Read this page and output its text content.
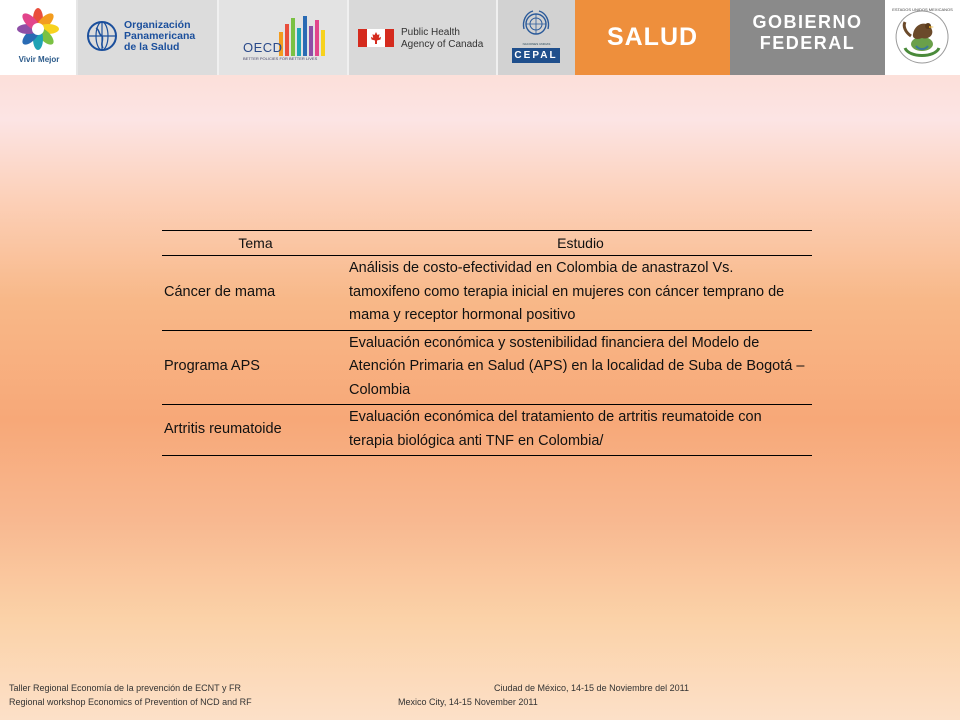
Vivir Mejor
Organización
Panamericana
de la Salud	OECD
BETTER POLICIES FOR BETTER LIVES
Public Health
Agency of Canada	NACIONES UNIDAS
CEPAL
SALUD
GOBIERNO
FEDERAL
ESTADOS UNIDOS MEXICANOS
Tema	Estudio
Cáncer de mama	Análisis de costo-efectividad en Colombia de anastrazol Vs. tamoxifeno como terapia inicial en mujeres con cáncer temprano de mama y receptor hormonal positivo
Programa APS	Evaluación económica y sostenibilidad financiera del Modelo de Atención Primaria en Salud (APS) en la localidad de Suba de Bogotá – Colombia
Artritis reumatoide	Evaluación económica del tratamiento de artritis reumatoide con terapia biológica anti TNF en Colombia/
Taller Regional Economía de la prevención de ECNT y FR
Regional workshop Economics of Prevention of NCD and RF
Ciudad de México, 14-15 de Noviembre del 2011
Mexico City, 14-15 November 2011
